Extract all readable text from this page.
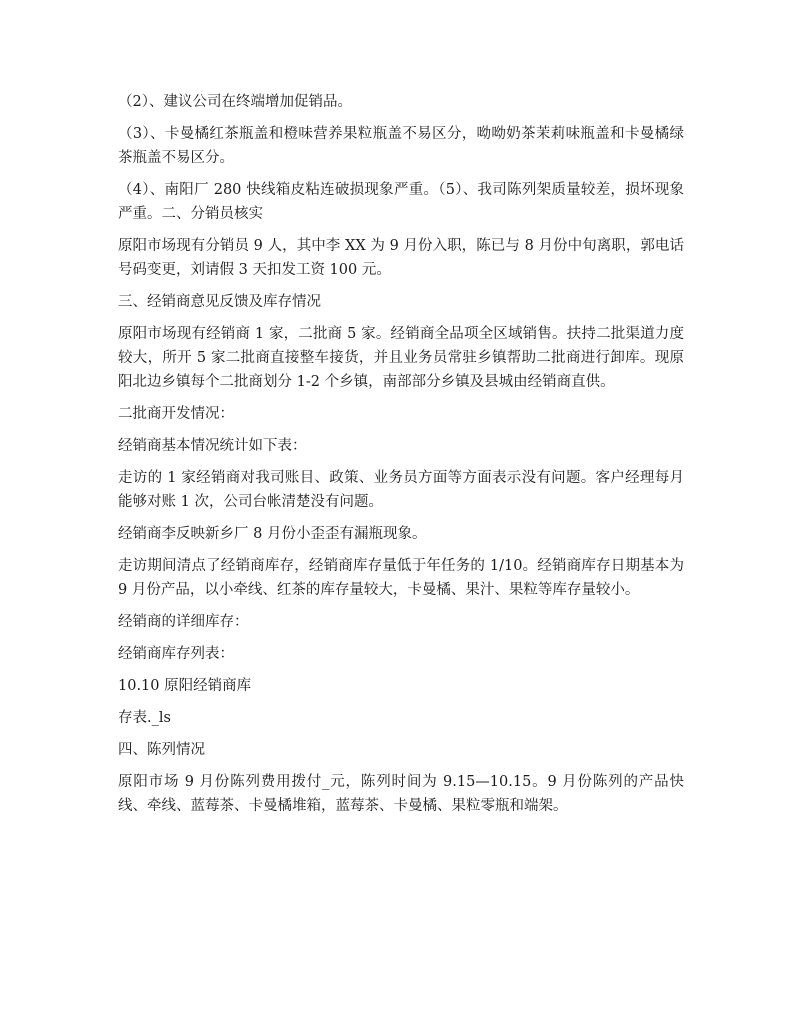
（2）、建议公司在终端增加促销品。

（3）、卡曼橘红茶瓶盖和橙味营养果粒瓶盖不易区分，呦呦奶茶茉莉味瓶盖和卡曼橘绿茶瓶盖不易区分。

（4）、南阳厂 280 快线箱皮粘连破损现象严重。（5）、我司陈列架质量较差，损坏现象严重。二、分销员核实

原阳市场现有分销员 9 人，其中李 XX 为 9 月份入职，陈已与 8 月份中旬离职，郭电话号码变更，刘请假 3 天扣发工资 100 元。

三、经销商意见反馈及库存情况

原阳市场现有经销商 1 家，二批商 5 家。经销商全品项全区域销售。扶持二批渠道力度较大，所开 5 家二批商直接整车接货，并且业务员常驻乡镇帮助二批商进行卸库。现原阳北边乡镇每个二批商划分 1-2 个乡镇，南部部分乡镇及县城由经销商直供。

二批商开发情况：

经销商基本情况统计如下表：

走访的 1 家经销商对我司账目、政策、业务员方面等方面表示没有问题。客户经理每月能够对账 1 次，公司台帐清楚没有问题。

经销商李反映新乡厂 8 月份小歪歪有漏瓶现象。

走访期间清点了经销商库存，经销商库存量低于年任务的 1/10。经销商库存日期基本为 9 月份产品，以小牵线、红茶的库存量较大，卡曼橘、果汁、果粒等库存量较小。

经销商的详细库存：

经销商库存列表：

10.10 原阳经销商库

存表._ls

四、陈列情况

原阳市场 9 月份陈列费用拨付_元，陈列时间为 9.15—10.15。9 月份陈列的产品快线、牵线、蓝莓茶、卡曼橘堆箱，蓝莓茶、卡曼橘、果粒零瓶和端架。
